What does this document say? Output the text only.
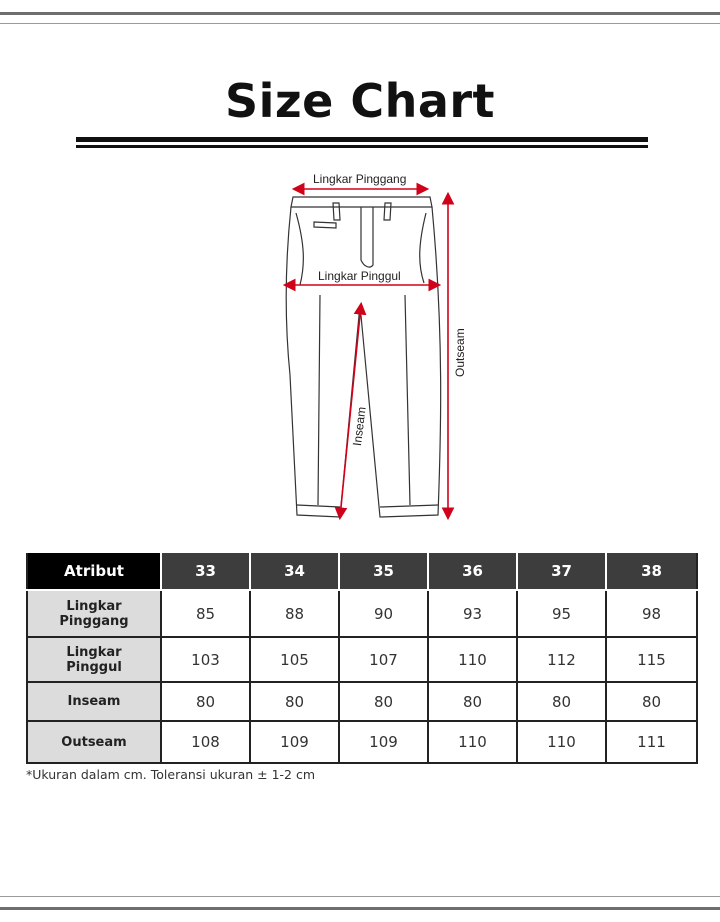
Size Chart
Lingkar Pinggang
Lingkar Pinggul
Outseam
Inseam
Atribut	33	34	35	36	37	38
Lingkar
Pinggang	85	88	90	93	95	98
Lingkar
Pinggul	103	105	107	110	112	115
Inseam	80	80	80	80	80	80
Outseam	108	109	109	110	110	111

*Ukuran dalam cm. Toleransi ukuran ± 1-2 cm
